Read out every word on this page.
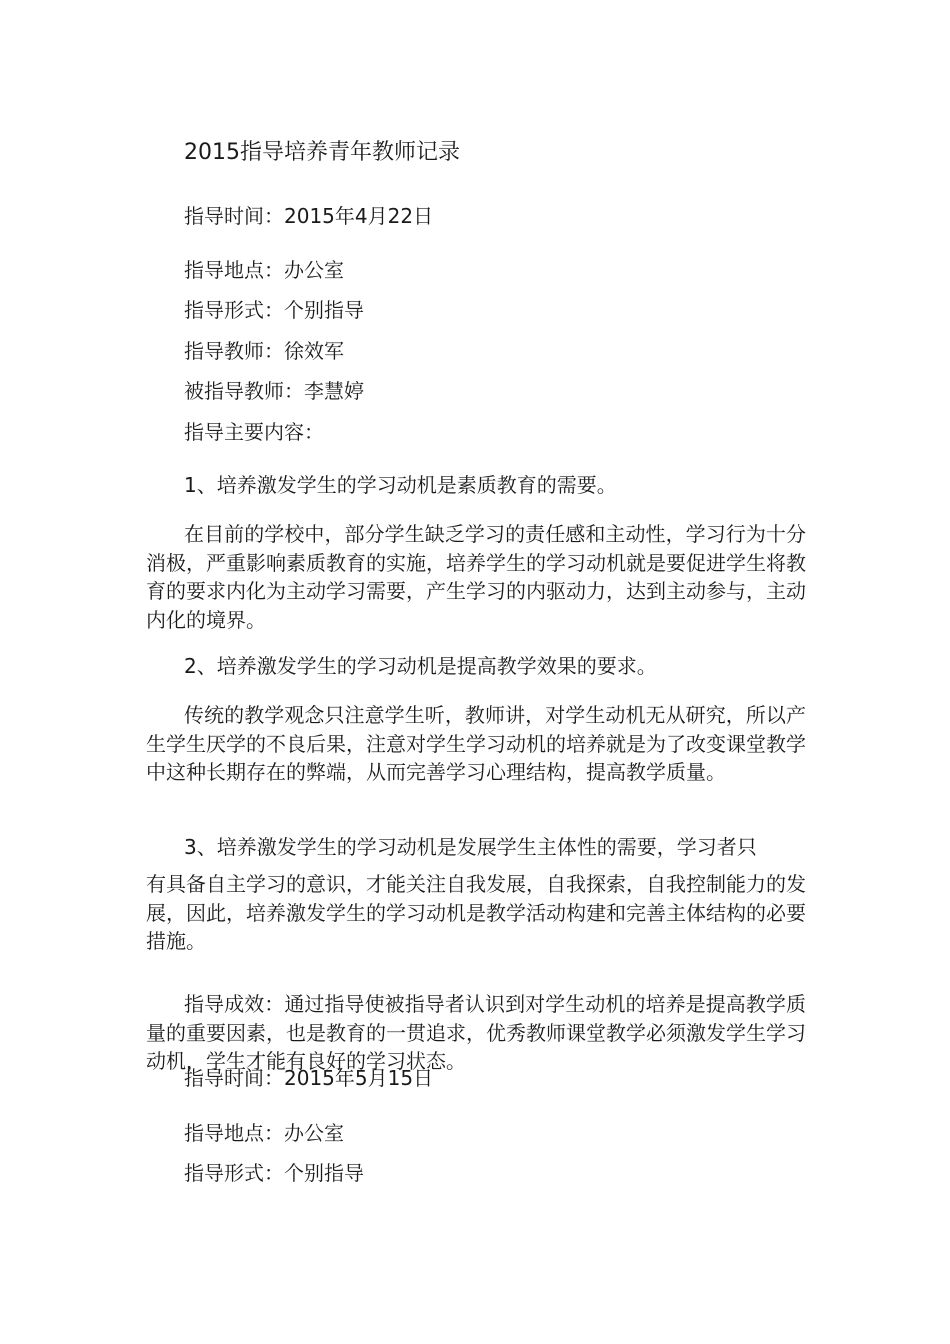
2015指导培养青年教师记录
指导时间：2015年4月22日
指导地点：办公室
指导形式：个别指导
指导教师：徐效军
被指导教师：李慧婷
指导主要内容：
1、培养激发学生的学习动机是素质教育的需要。
在目前的学校中，部分学生缺乏学习的责任感和主动性，学习行为十分消极，严重影响素质教育的实施，培养学生的学习动机就是要促进学生将教育的要求内化为主动学习需要，产生学习的内驱动力，达到主动参与，主动内化的境界。
2、培养激发学生的学习动机是提高教学效果的要求。
传统的教学观念只注意学生听，教师讲，对学生动机无从研究，所以产生学生厌学的不良后果，注意对学生学习动机的培养就是为了改变课堂教学中这种长期存在的弊端，从而完善学习心理结构，提高教学质量。
3、培养激发学生的学习动机是发展学生主体性的需要，学习者只
有具备自主学习的意识，才能关注自我发展，自我探索，自我控制能力的发展，因此，培养激发学生的学习动机是教学活动构建和完善主体结构的必要措施。
指导成效：通过指导使被指导者认识到对学生动机的培养是提高教学质量的重要因素，也是教育的一贯追求，优秀教师课堂教学必须激发学生学习动机，学生才能有良好的学习状态。
指导时间：2015年5月15日
指导地点：办公室
指导形式：个别指导
